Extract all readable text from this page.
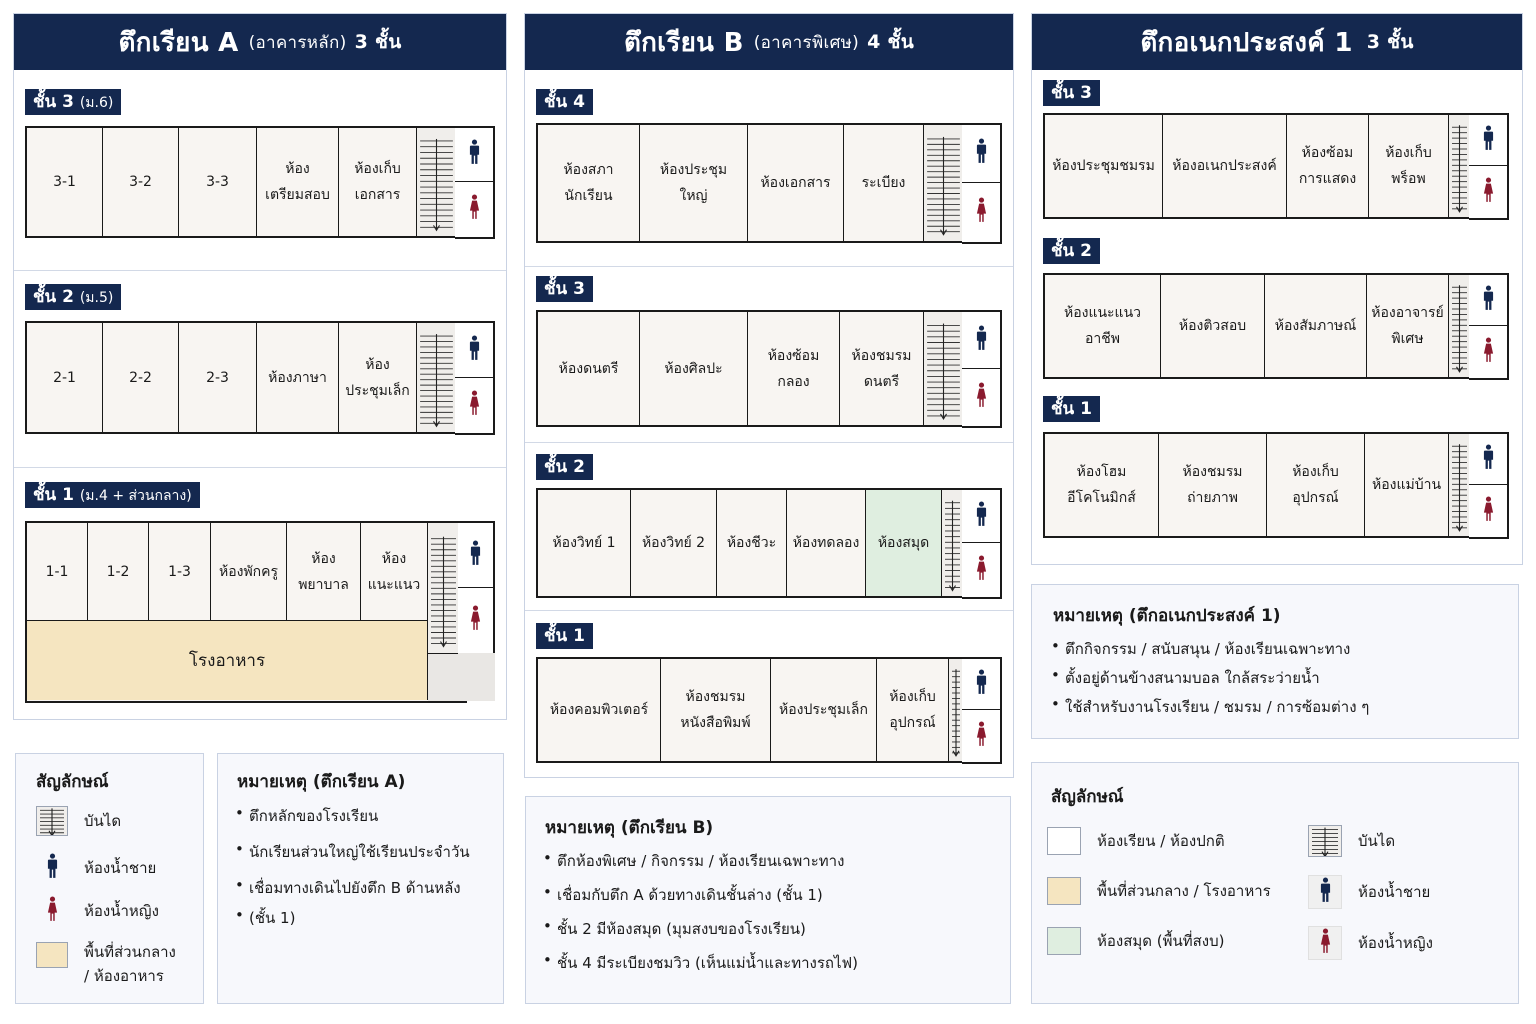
ตึกเรียน A (อาคารหลัก) 3 ชั้น
ชั้น 3 (ม.6)
3-1	3-2	3-3
ห้อง
เตรียมสอบ
ห้องเก็บ
เอกสาร
ชั้น 2 (ม.5)
2-1	2-2	2-3	ห้องภาษา
ห้อง
ประชุมเล็ก
ชั้น 1 (ม.4 + ส่วนกลาง)
1-1	1-2	1-3	ห้องพักครู
ห้อง
พยาบาล
ห้อง
แนะแนว
โรงอาหาร
ตึกเรียน B (อาคารพิเศษ) 4 ชั้น
ชั้น 4
ห้องสภา
นักเรียน
ห้องประชุม
ใหญ่
ห้องเอกสาร	ระเบียง
ชั้น 3
ห้องดนตรี	ห้องศิลปะ
ห้องซ้อม
กลอง
ห้องชมรม
ดนตรี
ชั้น 2
ห้องวิทย์ 1	ห้องวิทย์ 2	ห้องชีวะ	ห้องทดลอง	ห้องสมุด
ชั้น 1
ห้องคอมพิวเตอร์
ห้องชมรม
หนังสือพิมพ์
ห้องประชุมเล็ก
ห้องเก็บ
อุปกรณ์
ตึกอเนกประสงค์ 1 3 ชั้น
ชั้น 3
ห้องประชุมชมรม	ห้องอเนกประสงค์
ห้องซ้อม
การแสดง
ห้องเก็บ
พร็อพ
ชั้น 2
ห้องแนะแนว
อาชีพ
ห้องติวสอบ	ห้องสัมภาษณ์
ห้องอาจารย์
พิเศษ
ชั้น 1
ห้องโฮม
อีโคโนมิกส์
ห้องชมรม
ถ่ายภาพ
ห้องเก็บ
อุปกรณ์
ห้องแม่บ้าน
สัญลักษณ์
บันได
ห้องน้ำชาย
ห้องน้ำหญิง
พื้นที่ส่วนกลาง
/ ห้องอาหาร
หมายเหตุ (ตึกเรียน A)
• ตึกหลักของโรงเรียน
• นักเรียนส่วนใหญ่ใช้เรียนประจำวัน
• เชื่อมทางเดินไปยังตึก B ด้านหลัง
• (ชั้น 1)
หมายเหตุ (ตึกเรียน B)
• ตึกห้องพิเศษ / กิจกรรม / ห้องเรียนเฉพาะทาง
• เชื่อมกับตึก A ด้วยทางเดินชั้นล่าง (ชั้น 1)
• ชั้น 2 มีห้องสมุด (มุมสงบของโรงเรียน)
• ชั้น 4 มีระเบียงชมวิว (เห็นแม่น้ำและทางรถไฟ)
หมายเหตุ (ตึกอเนกประสงค์ 1)
• ตึกกิจกรรม / สนับสนุน / ห้องเรียนเฉพาะทาง
• ตั้งอยู่ด้านข้างสนามบอล ใกล้สระว่ายน้ำ
• ใช้สำหรับงานโรงเรียน / ชมรม / การซ้อมต่าง ๆ
สัญลักษณ์
ห้องเรียน / ห้องปกติ
พื้นที่ส่วนกลาง / โรงอาหาร
ห้องสมุด (พื้นที่สงบ)
บันได
ห้องน้ำชาย
ห้องน้ำหญิง
